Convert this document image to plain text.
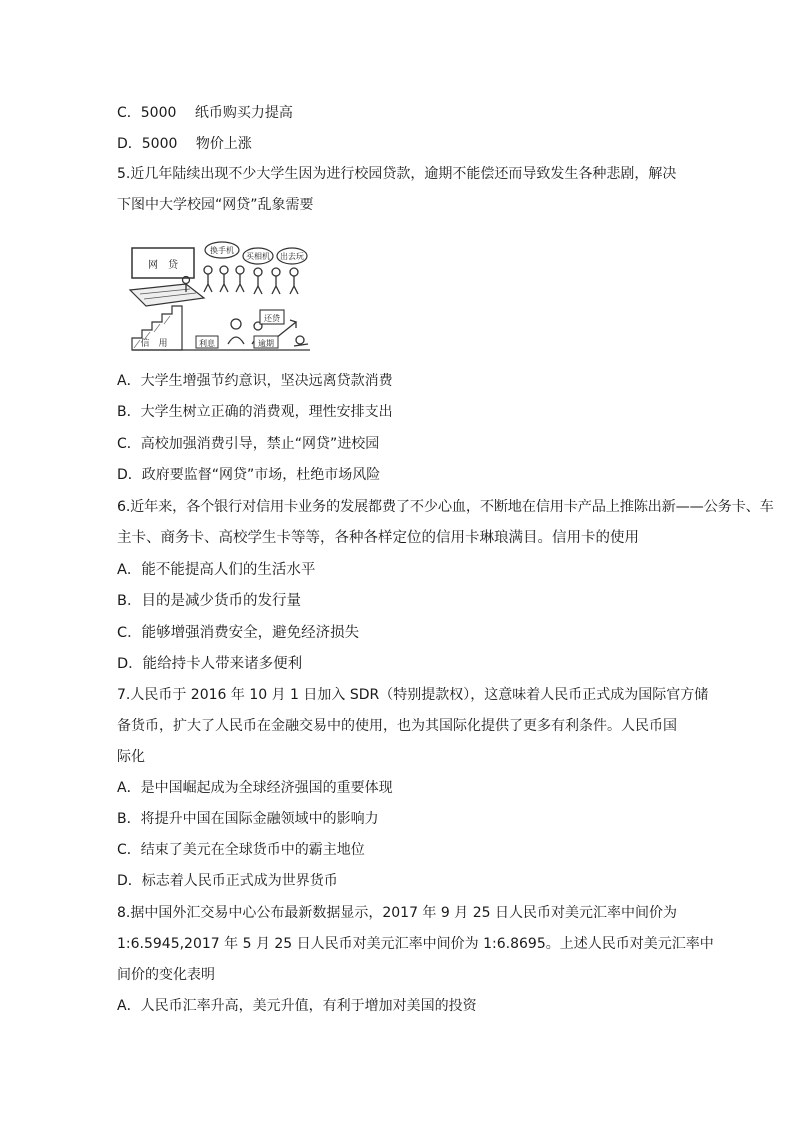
C．5000　 纸币购买力提高
D．5000　 物价上涨
5.近几年陆续出现不少大学生因为进行校园贷款，逾期不能偿还而导致发生各种悲剧，解决
下图中大学校园“网贷”乱象需要
网　贷
换手机
买相机 出去玩
还贷
信　用	利息	逾期
A．大学生增强节约意识，坚决远离贷款消费
B．大学生树立正确的消费观，理性安排支出
C．高校加强消费引导，禁止“网贷”进校园
D．政府要监督“网贷”市场，杜绝市场风险
6.近年来，各个银行对信用卡业务的发展都费了不少心血，不断地在信用卡产品上推陈出新——公务卡、车
主卡、商务卡、高校学生卡等等，各种各样定位的信用卡琳琅满目。信用卡的使用
A．能不能提高人们的生活水平
B．目的是减少货币的发行量
C．能够增强消费安全，避免经济损失
D．能给持卡人带来诸多便利
7.人民币于 2016 年 10 月 1 日加入 SDR（特别提款权），这意味着人民币正式成为国际官方储
备货币，扩大了人民币在金融交易中的使用，也为其国际化提供了更多有利条件。人民币国
际化
A．是中国崛起成为全球经济强国的重要体现
B．将提升中国在国际金融领域中的影响力
C．结束了美元在全球货币中的霸主地位
D．标志着人民币正式成为世界货币
8.据中国外汇交易中心公布最新数据显示，2017 年 9 月 25 日人民币对美元汇率中间价为
1:6.5945,2017 年 5 月 25 日人民币对美元汇率中间价为 1:6.8695。上述人民币对美元汇率中
间价的变化表明
A．人民币汇率升高，美元升值，有利于增加对美国的投资
